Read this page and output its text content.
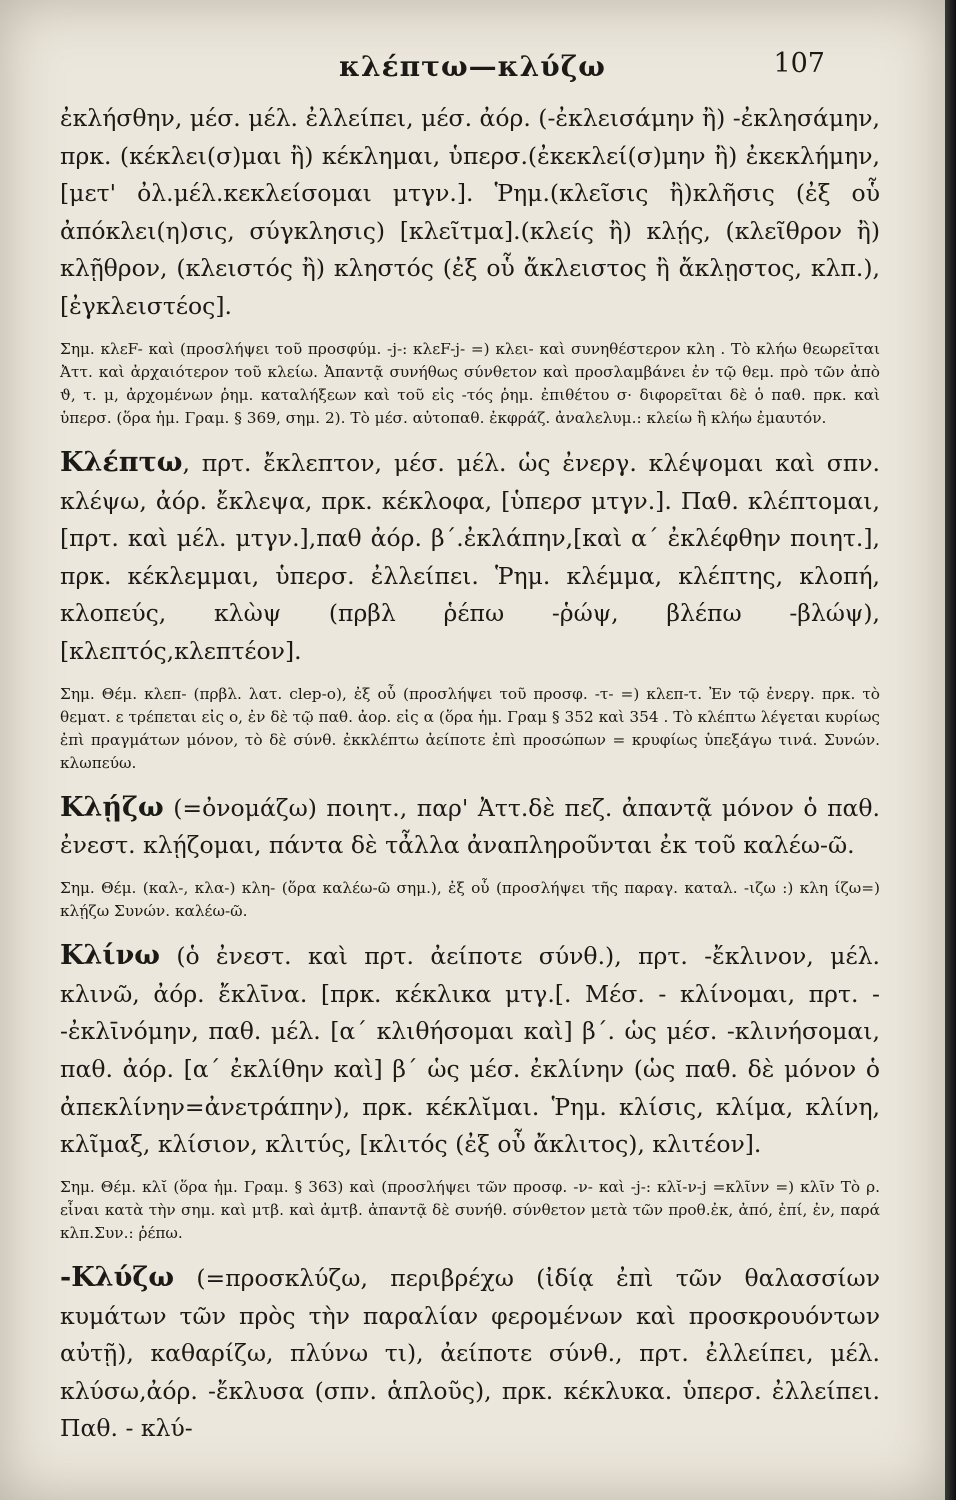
κλέπτω—κλύζω	107

ἐκλήσθην, μέσ. μέλ. ἐλλείπει, μέσ. ἀόρ. (-ἐκλεισάμην ἢ) -ἐκλησάμην, πρκ. (κέκλει(σ)μαι ἢ) κέκλημαι, ὑπερσ.(ἐκεκλεί(σ)μην ἢ) ἐκεκλήμην,[μετ' ὀλ.μέλ.κεκλείσομαι μτγν.]. Ῥημ.(κλεῖσις ἢ)κλῆσις (ἐξ οὗ ἀπόκλει(η)σις, σύγκλησις) [κλεῖτμα].(κλείς ἢ) κλῄς, (κλεῖθρον ἢ) κλῇθρον, (κλειστός ἢ) κληστός (ἐξ οὗ ἄκλειστος ἢ ἄκλῃστος, κλπ.),[ἐγκλειστέος].

Σημ. κλεF- καὶ (προσλήψει τοῦ προσφύμ. -j-: κλεF-j- =) κλει- καὶ συνηθέστερον κλη . Τὸ κλήω θεωρεῖται Ἀττ. καὶ ἀρχαιότερον τοῦ κλείω. Ἀπαντᾷ συνήθως σύνθετον καὶ προσλαμβάνει ἐν τῷ θεμ. πρὸ τῶν ἀπὸ ϑ, τ. μ, ἀρχομένων ῥημ. καταλήξεων καὶ τοῦ εἰς -τός ῥημ. ἐπιθέτου σ· διφορεῖται δὲ ὁ παθ. πρκ. καὶ ὑπερσ. (ὅρα ἡμ. Γραμ. § 369, σημ. 2). Τὸ μέσ. αὐτοπαθ. ἐκφράζ. ἀναλελυμ.: κλείω ἢ κλήω ἐμαυτόν.

Κλέπτω, πρτ. ἔκλεπτον, μέσ. μέλ. ὡς ἐνεργ. κλέψομαι καὶ σπν. κλέψω, ἀόρ. ἔκλεψα, πρκ. κέκλοφα, [ὑπερσ μτγν.]. Παθ. κλέπτομαι, [πρτ. καὶ μέλ. μτγν.],παθ ἀόρ. β΄.ἐκλάπην,[καὶ α΄ ἐκλέφθην ποιητ.], πρκ. κέκλεμμαι, ὑπερσ. ἐλλείπει. Ῥημ. κλέμμα, κλέπτης, κλοπή, κλοπεύς, κλὼψ (πρβλ ῥέπω -ῥώψ, βλέπω -βλώψ), [κλεπτός,κλεπτέον].

Σημ. Θέμ. κλεπ- (πρβλ. λατ. clep-o), ἐξ οὗ (προσλήψει τοῦ προσφ. -τ- =) κλεπ-τ. Ἐν τῷ ἐνεργ. πρκ. τὸ θεματ. ε τρέπεται εἰς ο, ἐν δὲ τῷ παθ. ἀορ. εἰς α (ὅρα ἡμ. Γραμ § 352 καὶ 354 . Τὸ κλέπτω λέγεται κυρίως ἐπὶ πραγμάτων μόνον, τὸ δὲ σύνθ. ἐκκλέπτω ἀείποτε ἐπὶ προσώπων = κρυφίως ὑπεξάγω τινά. Συνών. κλωπεύω.

Κλῄζω (=ὀνομάζω) ποιητ., παρ' Ἀττ.δὲ πεζ. ἀπαντᾷ μόνον ὁ παθ. ἐνεστ. κλῄζομαι, πάντα δὲ τἆλλα ἀναπληροῦνται ἐκ τοῦ καλέω-ῶ.

Σημ. Θέμ. (καλ-, κλα-) κλη- (ὅρα καλέω-ῶ σημ.), ἐξ οὗ (προσλήψει τῆς παραγ. καταλ. -ιζω :) κλη ίζω=) κλῄζω Συνών. καλέω-ῶ.

Κλίνω (ὁ ἐνεστ. καὶ πρτ. ἀείποτε σύνθ.), πρτ. -ἔκλινον, μέλ. κλινῶ, ἀόρ. ἔκλῑνα. [πρκ. κέκλικα μτγ.[. Μέσ. - κλίνομαι, πρτ. - -ἐκλῑνόμην, παθ. μέλ. [α΄ κλιθήσομαι καὶ] β΄. ὡς μέσ. -κλινήσομαι, παθ. ἀόρ. [α΄ ἐκλίθην καὶ] β΄ ὡς μέσ. ἐκλίνην (ὡς παθ. δὲ μόνον ὁ ἀπεκλίνην=ἀνετράπην), πρκ. κέκλῐμαι. Ῥημ. κλίσις, κλίμα, κλίνη, κλῖμαξ, κλίσιον, κλιτύς, [κλιτός (ἐξ οὗ ἄκλιτος), κλιτέον].

Σημ. Θέμ. κλῐ (ὅρα ἡμ. Γραμ. § 363) καὶ (προσλήψει τῶν προσφ. -ν- καὶ -j-: κλῐ-ν-j =κλῖνν =) κλῖν Τὸ ρ. εἶναι κατὰ τὴν σημ. καὶ μτβ. καὶ ἀμτβ. ἀπαντᾷ δὲ συνήθ. σύνθετον μετὰ τῶν προθ.ἐκ, ἀπό, ἐπί, ἐν, παρά κλπ.Συν.: ῥέπω.

-Κλύζω (=προσκλύζω, περιβρέχω (ἰδίᾳ ἐπὶ τῶν θαλασσίων κυμάτων τῶν πρὸς τὴν παραλίαν φερομένων καὶ προσκρουόντων αὐτῇ), καθαρίζω, πλύνω τι), ἀείποτε σύνθ., πρτ. ἐλλείπει, μέλ. κλύσω,ἀόρ. -ἔκλυσα (σπν. ἁπλοῦς), πρκ. κέκλυκα. ὑπερσ. ἐλλείπει. Παθ. - κλύ-
